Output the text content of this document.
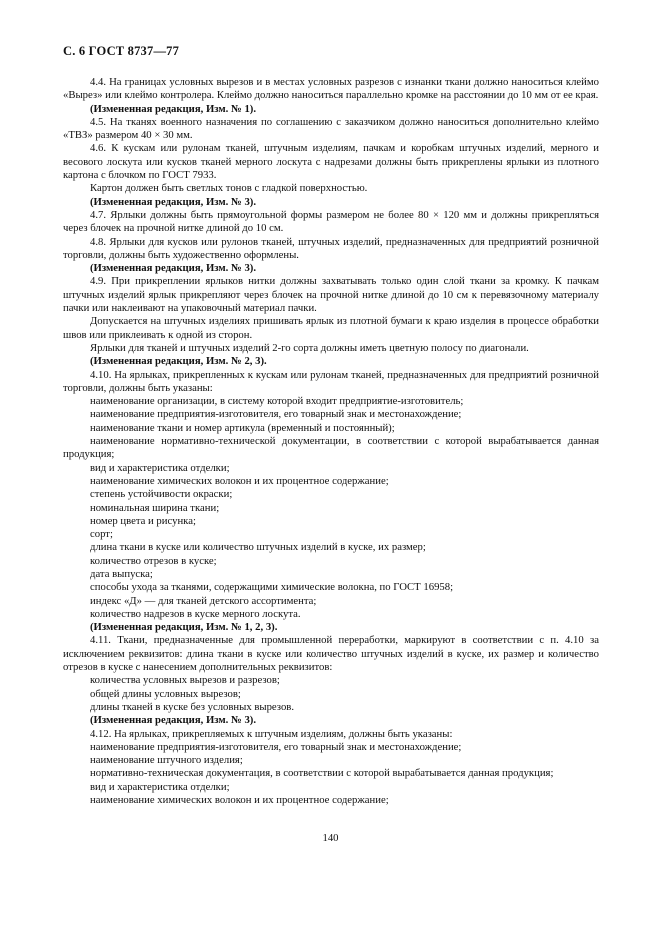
С. 6 ГОСТ 8737—77
4.4. На границах условных вырезов и в местах условных разрезов с изнанки ткани должно наноситься клеймо «Вырез» или клеймо контролера. Клеймо должно наноситься параллельно кромке на расстоянии до 10 мм от ее края.
(Измененная редакция, Изм. № 1).
4.5. На тканях военного назначения по соглашению с заказчиком должно наноситься дополнительно клеймо «ТВЗ» размером 40 × 30 мм.
4.6. К кускам или рулонам тканей, штучным изделиям, пачкам и коробкам штучных изделий, мерного и весового лоскута или кусков тканей мерного лоскута с надрезами должны быть прикреплены ярлыки из плотного картона с блочком по ГОСТ 7933.
Картон должен быть светлых тонов с гладкой поверхностью.
(Измененная редакция, Изм. № 3).
4.7. Ярлыки должны быть прямоугольной формы размером не более 80 × 120 мм и должны прикрепляться через блочек на прочной нитке длиной до 10 см.
4.8. Ярлыки для кусков или рулонов тканей, штучных изделий, предназначенных для предприятий розничной торговли, должны быть художественно оформлены.
(Измененная редакция, Изм. № 3).
4.9. При прикреплении ярлыков нитки должны захватывать только один слой ткани за кромку. К пачкам штучных изделий ярлык прикрепляют через блочек на прочной нитке длиной до 10 см к перевязочному материалу пачки или наклеивают на упаковочный материал пачки.
Допускается на штучных изделиях пришивать ярлык из плотной бумаги к краю изделия в процессе обработки швов или приклеивать к одной из сторон.
Ярлыки для тканей и штучных изделий 2-го сорта должны иметь цветную полосу по диагонали.
(Измененная редакция, Изм. № 2, 3).
4.10. На ярлыках, прикрепленных к кускам или рулонам тканей, предназначенных для предприятий розничной торговли, должны быть указаны:
наименование организации, в систему которой входит предприятие-изготовитель;
наименование предприятия-изготовителя, его товарный знак и местонахождение;
наименование ткани и номер артикула (временный и постоянный);
наименование нормативно-технической документации, в соответствии с которой вырабатывается данная продукция;
вид и характеристика отделки;
наименование химических волокон и их процентное содержание;
степень устойчивости окраски;
номинальная ширина ткани;
номер цвета и рисунка;
сорт;
длина ткани в куске или количество штучных изделий в куске, их размер;
количество отрезов в куске;
дата выпуска;
способы ухода за тканями, содержащими химические волокна, по ГОСТ 16958;
индекс «Д» — для тканей детского ассортимента;
количество надрезов в куске мерного лоскута.
(Измененная редакция, Изм. № 1, 2, 3).
4.11. Ткани, предназначенные для промышленной переработки, маркируют в соответствии с п. 4.10 за исключением реквизитов: длина ткани в куске или количество штучных изделий в куске, их размер и количество отрезов в куске с нанесением дополнительных реквизитов:
количества условных вырезов и разрезов;
общей длины условных вырезов;
длины тканей в куске без условных вырезов.
(Измененная редакция, Изм. № 3).
4.12. На ярлыках, прикрепляемых к штучным изделиям, должны быть указаны:
наименование предприятия-изготовителя, его товарный знак и местонахождение;
наименование штучного изделия;
нормативно-техническая документация, в соответствии с которой вырабатывается данная продукция;
вид и характеристика отделки;
наименование химических волокон и их процентное содержание;
140
